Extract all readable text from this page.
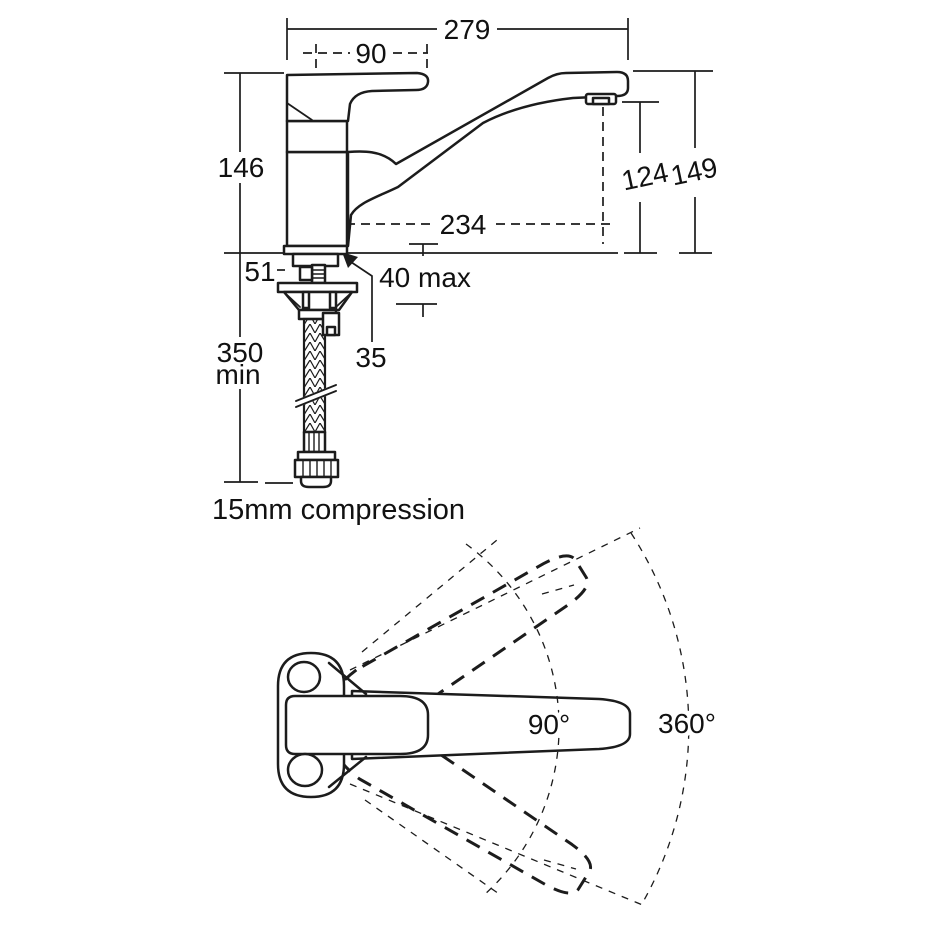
279
90
146
51
350
min
40 max
35
234
124
149
15mm compression
90°	360°
